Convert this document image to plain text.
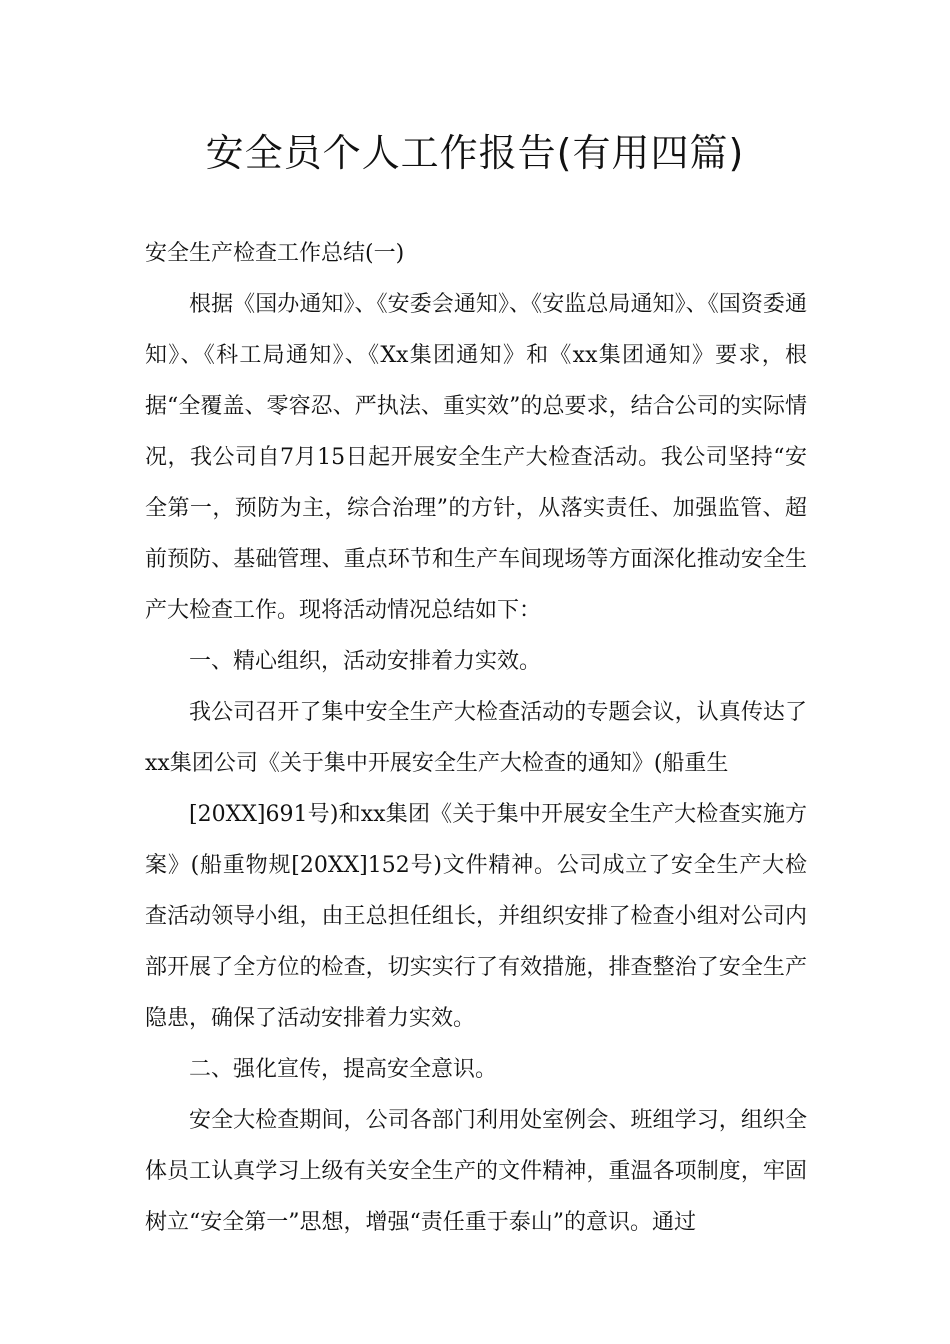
安全员个人工作报告(有用四篇)

安全生产检查工作总结(一)

根据《国办通知》、《安委会通知》、《安监总局通知》、《国资委通知》、《科工局通知》、《Xx集团通知》和《xx集团通知》要求，根据“全覆盖、零容忍、严执法、重实效”的总要求，结合公司的实际情况，我公司自7月15日起开展安全生产大检查活动。我公司坚持“安全第一，预防为主，综合治理”的方针，从落实责任、加强监管、超前预防、基础管理、重点环节和生产车间现场等方面深化推动安全生产大检查工作。现将活动情况总结如下：

一、精心组织，活动安排着力实效。

我公司召开了集中安全生产大检查活动的专题会议，认真传达了xx集团公司《关于集中开展安全生产大检查的通知》(船重生

[20XX]691号)和xx集团《关于集中开展安全生产大检查实施方案》(船重物规[20XX]152号)文件精神。公司成立了安全生产大检查活动领导小组，由王总担任组长，并组织安排了检查小组对公司内部开展了全方位的检查，切实实行了有效措施，排查整治了安全生产隐患，确保了活动安排着力实效。

二、强化宣传，提高安全意识。

安全大检查期间，公司各部门利用处室例会、班组学习，组织全体员工认真学习上级有关安全生产的文件精神，重温各项制度，牢固树立“安全第一”思想，增强“责任重于泰山”的意识。通过
